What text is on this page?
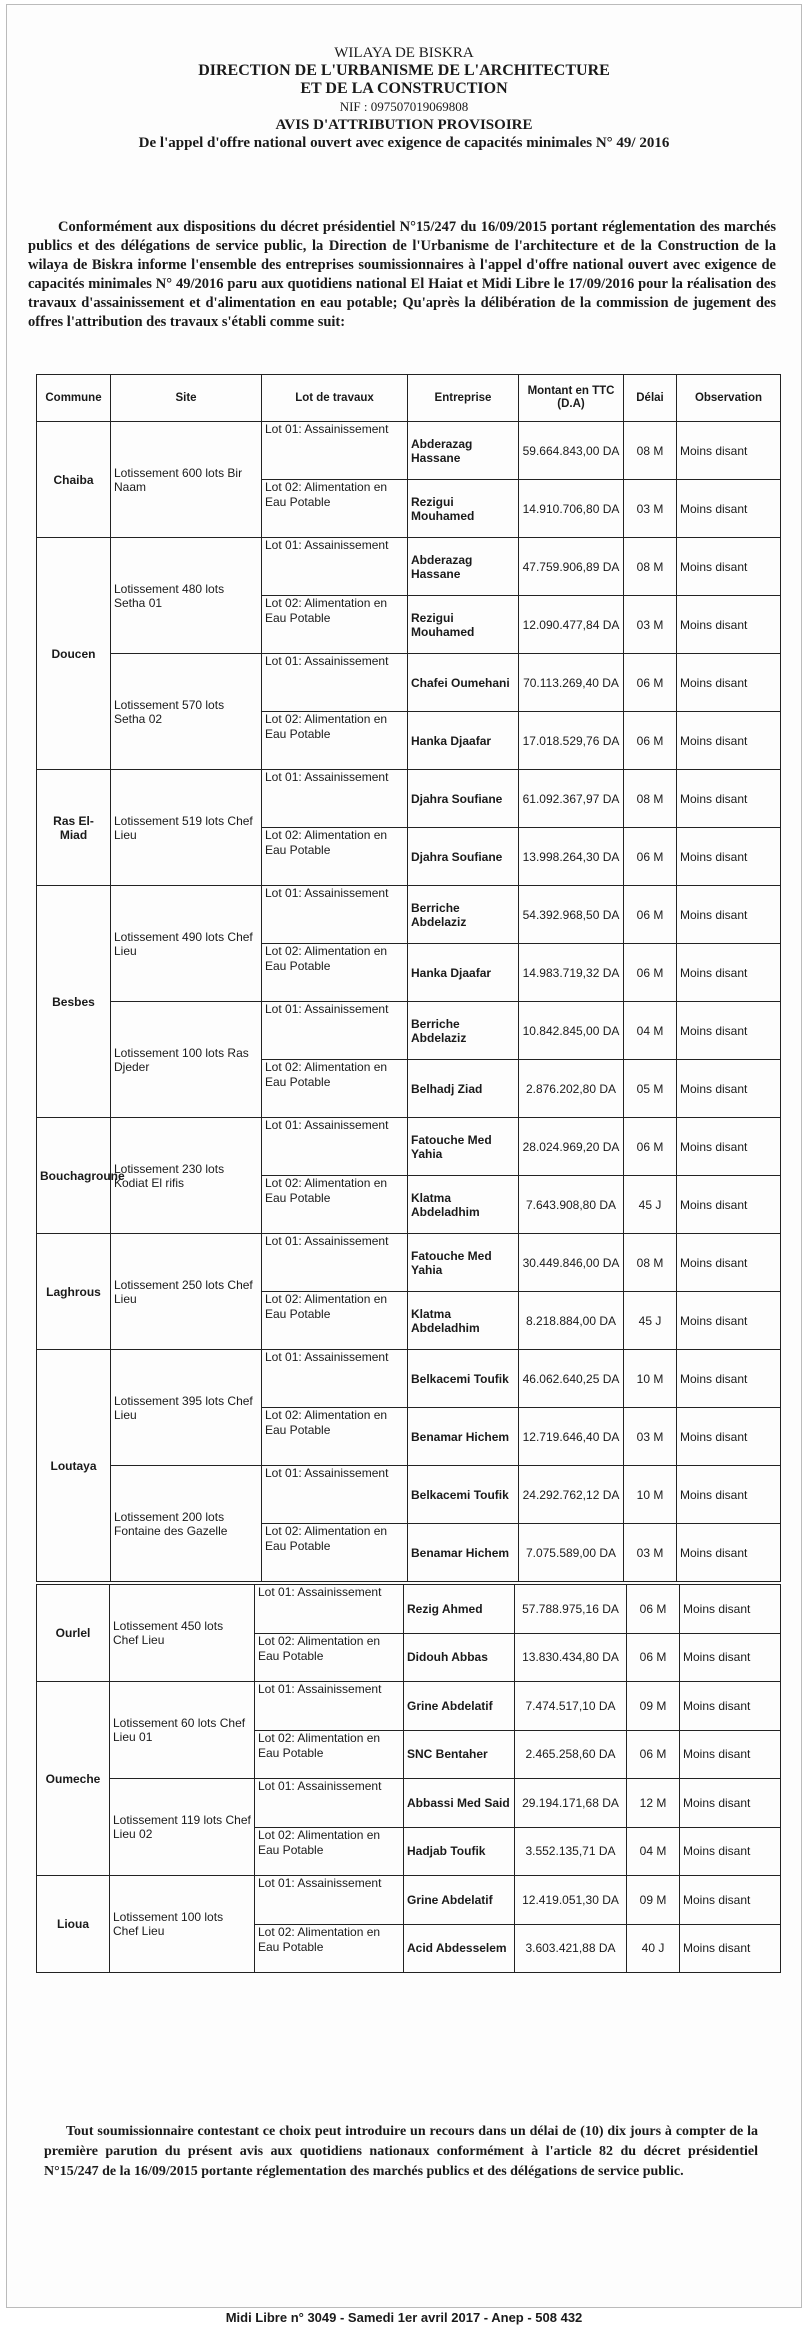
WILAYA DE BISKRA
DIRECTION DE L'URBANISME DE L'ARCHITECTURE
ET DE LA CONSTRUCTION
NIF : 097507019069808
AVIS D'ATTRIBUTION PROVISOIRE
De l'appel d'offre national ouvert avec exigence de capacités minimales N° 49/ 2016
Conformément aux dispositions du décret présidentiel N°15/247 du 16/09/2015 portant réglementation des marchés publics et des délégations de service public, la Direction de l'Urbanisme de l'architecture et de la Construction de la wilaya de Biskra informe l'ensemble des entreprises soumissionnaires à l'appel d'offre national ouvert avec exigence de capacités minimales N° 49/2016 paru aux quotidiens national El Haiat et Midi Libre le 17/09/2016 pour la réalisation des travaux d'assainissement et d'alimentation en eau potable; Qu'après la délibération de la commission de jugement des offres l'attribution des travaux s'établi comme suit:
Commune	Site	Lot de travaux	Entreprise	Montant en TTC (D.A)	Délai	Observation
Chaiba	Lotissement 600 lots Bir Naam	Lot 01: Assainissement	Abderazag Hassane	59.664.843,00 DA	08 M	Moins disant
		Lot 02: Alimentation en Eau Potable	Rezigui Mouhamed	14.910.706,80 DA	03 M	Moins disant
Doucen	Lotissement 480 lots Setha 01	Lot 01: Assainissement	Abderazag Hassane	47.759.906,89 DA	08 M	Moins disant
		Lot 02: Alimentation en Eau Potable	Rezigui Mouhamed	12.090.477,84 DA	03 M	Moins disant
	Lotissement 570 lots Setha 02	Lot 01: Assainissement	Chafei Oumehani	70.113.269,40 DA	06 M	Moins disant
		Lot 02: Alimentation en Eau Potable	Hanka Djaafar	17.018.529,76 DA	06 M	Moins disant
Ras El-Miad	Lotissement 519 lots Chef Lieu	Lot 01: Assainissement	Djahra Soufiane	61.092.367,97 DA	08 M	Moins disant
		Lot 02: Alimentation en Eau Potable	Djahra Soufiane	13.998.264,30 DA	06 M	Moins disant
Besbes	Lotissement 490 lots Chef Lieu	Lot 01: Assainissement	Berriche Abdelaziz	54.392.968,50 DA	06 M	Moins disant
		Lot 02: Alimentation en Eau Potable	Hanka Djaafar	14.983.719,32 DA	06 M	Moins disant
	Lotissement 100 lots Ras Djeder	Lot 01: Assainissement	Berriche Abdelaziz	10.842.845,00 DA	04 M	Moins disant
		Lot 02: Alimentation en Eau Potable	Belhadj Ziad	2.876.202,80 DA	05 M	Moins disant
Bouchagroune	Lotissement 230 lots Kodiat El rifis	Lot 01: Assainissement	Fatouche Med Yahia	28.024.969,20 DA	06 M	Moins disant
		Lot 02: Alimentation en Eau Potable	Klatma Abdeladhim	7.643.908,80 DA	45 J	Moins disant
Laghrous	Lotissement 250 lots Chef Lieu	Lot 01: Assainissement	Fatouche Med Yahia	30.449.846,00 DA	08 M	Moins disant
		Lot 02: Alimentation en Eau Potable	Klatma Abdeladhim	8.218.884,00 DA	45 J	Moins disant
Loutaya	Lotissement 395 lots Chef Lieu	Lot 01: Assainissement	Belkacemi Toufik	46.062.640,25 DA	10 M	Moins disant
		Lot 02: Alimentation en Eau Potable	Benamar Hichem	12.719.646,40 DA	03 M	Moins disant
	Lotissement 200 lots Fontaine des Gazelle	Lot 01: Assainissement	Belkacemi Toufik	24.292.762,12 DA	10 M	Moins disant
		Lot 02: Alimentation en Eau Potable	Benamar Hichem	7.075.589,00 DA	03 M	Moins disant
Ourlel	Lotissement 450 lots Chef Lieu	Lot 01: Assainissement	Rezig Ahmed	57.788.975,16 DA	06 M	Moins disant
		Lot 02: Alimentation en Eau Potable	Didouh Abbas	13.830.434,80 DA	06 M	Moins disant
Oumeche	Lotissement 60 lots Chef Lieu 01	Lot 01: Assainissement	Grine Abdelatif	7.474.517,10 DA	09 M	Moins disant
		Lot 02: Alimentation en Eau Potable	SNC Bentaher	2.465.258,60 DA	06 M	Moins disant
	Lotissement 119 lots Chef Lieu 02	Lot 01: Assainissement	Abbassi Med Said	29.194.171,68 DA	12 M	Moins disant
		Lot 02: Alimentation en Eau Potable	Hadjab Toufik	3.552.135,71 DA	04 M	Moins disant
Lioua	Lotissement 100 lots Chef Lieu	Lot 01: Assainissement	Grine Abdelatif	12.419.051,30 DA	09 M	Moins disant
		Lot 02: Alimentation en Eau Potable	Acid Abdesselem	3.603.421,88 DA	40 J	Moins disant
Tout soumissionnaire contestant ce choix peut introduire un recours dans un délai de (10) dix jours à compter de la première parution du présent avis aux quotidiens nationaux conformément à l'article 82 du décret présidentiel N°15/247 de la 16/09/2015 portante réglementation des marchés publics et des délégations de service public.
Midi Libre n° 3049 - Samedi 1er avril 2017 - Anep - 508 432
